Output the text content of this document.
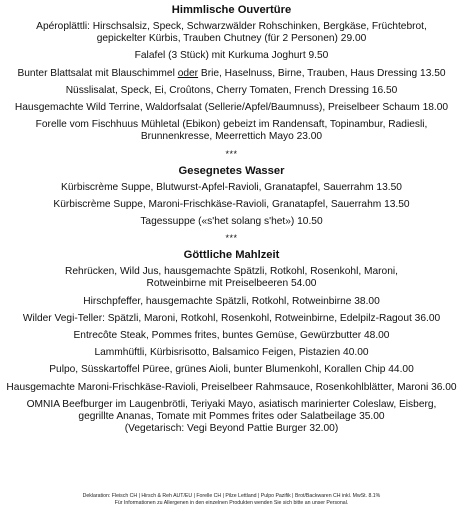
Himmlische Ouvertüre
Apéroplättli: Hirschsalsiz, Speck, Schwarzwälder Rohschinken, Bergkäse, Früchtebrot,
gepickelter Kürbis, Trauben Chutney (für 2 Personen) 29.00
Falafel (3 Stück) mit Kurkuma Joghurt 9.50
Bunter Blattsalat mit Blauschimmel oder Brie, Haselnuss, Birne, Trauben, Haus Dressing 13.50
Nüsslisalat, Speck, Ei, Croûtons, Cherry Tomaten, French Dressing 16.50
Hausgemachte Wild Terrine, Waldorfsalat (Sellerie/Apfel/Baumnuss), Preiselbeer Schaum 18.00
Forelle vom Fischhuus Mühletal (Ebikon) gebeizt im Randensaft, Topinambur, Radiesli,
Brunnenkresse, Meerrettich Mayo 23.00
***
Gesegnetes Wasser
Kürbiscrème Suppe, Blutwurst-Apfel-Ravioli, Granatapfel, Sauerrahm 13.50
Kürbiscrème Suppe, Maroni-Frischkäse-Ravioli, Granatapfel, Sauerrahm 13.50
Tagessuppe («s'het solang s'het») 10.50
***
Göttliche Mahlzeit
Rehrücken, Wild Jus, hausgemachte Spätzli, Rotkohl, Rosenkohl, Maroni,
Rotweinbirne mit Preiselbeeren 54.00
Hirschpfeffer, hausgemachte Spätzli, Rotkohl, Rotweinbirne 38.00
Wilder Vegi-Teller: Spätzli, Maroni, Rotkohl, Rosenkohl, Rotweinbirne, Edelpilz-Ragout 36.00
Entrecôte Steak, Pommes frites, buntes Gemüse, Gewürzbutter 48.00
Lammhüftli, Kürbisrisotto, Balsamico Feigen, Pistazien 40.00
Pulpo, Süsskartoffel Püree, grünes Aioli, bunter Blumenkohl, Korallen Chip 44.00
Hausgemachte Maroni-Frischkäse-Ravioli, Preiselbeer Rahmsauce, Rosenkohlblätter, Maroni 36.00
OMNIA Beefburger im Laugenbrötli, Teriyaki Mayo, asiatisch marinierter Coleslaw, Eisberg,
gegrillte Ananas, Tomate mit Pommes frites oder Salatbeilage 35.00
(Vegetarisch: Vegi Beyond Pattie Burger 32.00)
Deklaration: Fleisch CH | Hirsch & Reh AUT/EU | Forelle CH | Pilze Lettland | Pulpo Pazifik | Brot/Backwaren CH inkl. MwSt. 8.1%
Für Informationen zu Allergenen in den einzelnen Produkten wenden Sie sich bitte an unser Personal.
